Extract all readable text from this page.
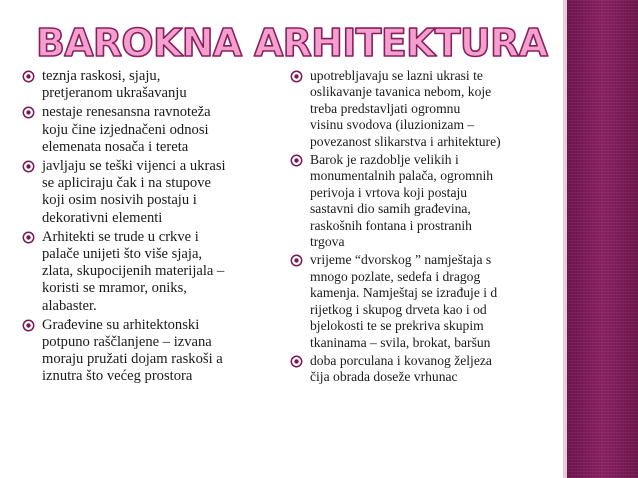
BAROKNA ARHITEKTURA
teznja raskosi, sjaju,
pretjeranom ukrašavanju
nestaje renesansna ravnoteža
koju čine izjednačeni odnosi
elemenata nosača i tereta
javljaju se teški vijenci a ukrasi
se apliciraju čak i na stupove
koji osim nosivih postaju i
dekorativni elementi
Arhitekti se trude u crkve i
palače unijeti što više sjaja,
zlata, skupocijenih materijala –
koristi se mramor, oniks,
alabaster.
Građevine su arhitektonski
potpuno raščlanjene – izvana
moraju pružati dojam raskoši a
iznutra što većeg prostora
upotrebljavaju se lazni ukrasi te
oslikavanje tavanica nebom, koje
treba predstavljati ogromnu
visinu svodova (iluzionizam –
povezanost slikarstva i arhitekture)
Barok je razdoblje velikih i
monumentalnih palača, ogromnih
perivoja i vrtova koji postaju
sastavni dio samih građevina,
raskošnih fontana i prostranih
trgova
vrijeme “dvorskog ” namještaja s
mnogo pozlate, sedefa i dragog
kamenja. Namještaj se izrađuje i d
rijetkog i skupog drveta kao i od
bjelokosti te se prekriva skupim
tkaninama – svila, brokat, baršun
doba porculana i kovanog željeza
čija obrada doseže vrhunac
